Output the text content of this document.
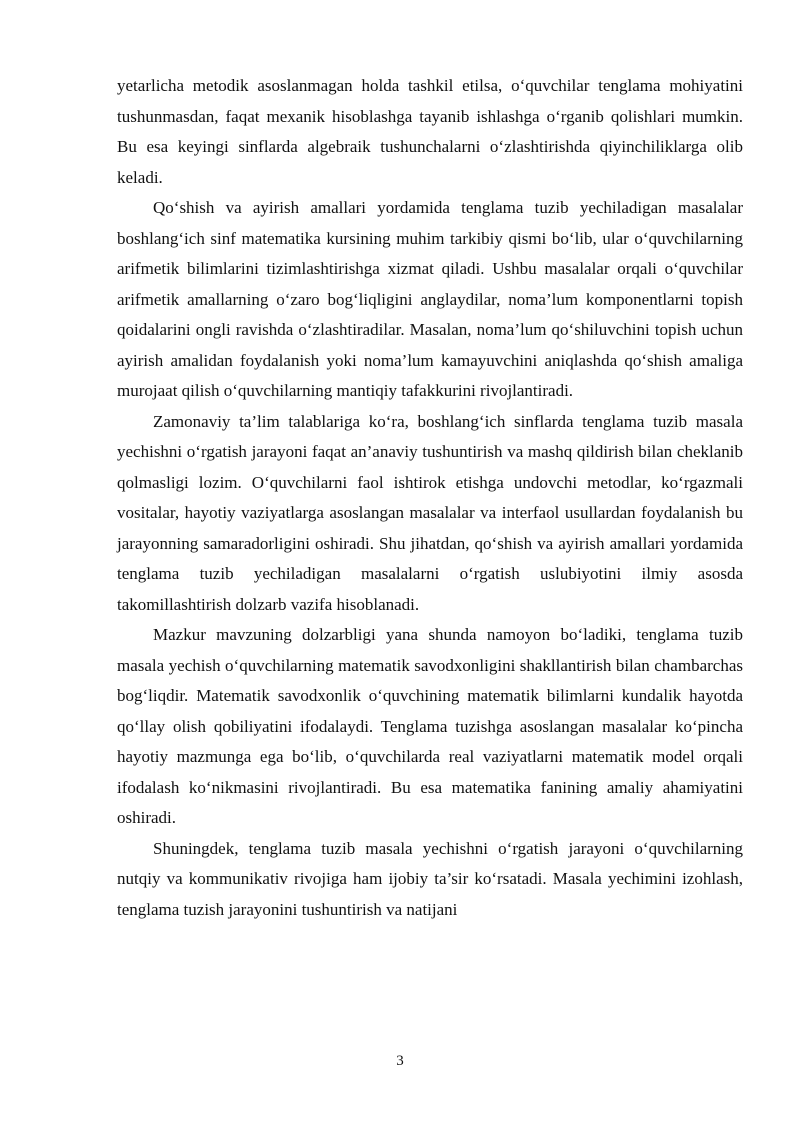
yetarlicha metodik asoslanmagan holda tashkil etilsa, o‘quvchilar tenglama mohiyatini tushunmasdan, faqat mexanik hisoblashga tayanib ishlashga o‘rganib qolishlari mumkin. Bu esa keyingi sinflarda algebraik tushunchalarni o‘zlashtirishda qiyinchiliklarga olib keladi.

Qo‘shish va ayirish amallari yordamida tenglama tuzib yechiladigan masalalar boshlang‘ich sinf matematika kursining muhim tarkibiy qismi bo‘lib, ular o‘quvchilarning arifmetik bilimlarini tizimlashtirishga xizmat qiladi. Ushbu masalalar orqali o‘quvchilar arifmetik amallarning o‘zaro bog‘liqligini anglaydilar, noma’lum komponentlarni topish qoidalarini ongli ravishda o‘zlashtiradilar. Masalan, noma’lum qo‘shiluvchini topish uchun ayirish amalidan foydalanish yoki noma’lum kamayuvchini aniqlashda qo‘shish amaliga murojaat qilish o‘quvchilarning mantiqiy tafakkurini rivojlantiradi.

Zamonaviy ta’lim talablariga ko‘ra, boshlang‘ich sinflarda tenglama tuzib masala yechishni o‘rgatish jarayoni faqat an’anaviy tushuntirish va mashq qildirish bilan cheklanib qolmasligi lozim. O‘quvchilarni faol ishtirok etishga undovchi metodlar, ko‘rgazmali vositalar, hayotiy vaziyatlarga asoslangan masalalar va interfaol usullardan foydalanish bu jarayonning samaradorligini oshiradi. Shu jihatdan, qo‘shish va ayirish amallari yordamida tenglama tuzib yechiladigan masalalarni o‘rgatish uslubiyotini ilmiy asosda takomillashtirish dolzarb vazifa hisoblanadi.

Mazkur mavzuning dolzarbligi yana shunda namoyon bo‘ladiki, tenglama tuzib masala yechish o‘quvchilarning matematik savodxonligini shakllantirish bilan chambarchas bog‘liqdir. Matematik savodxonlik o‘quvchining matematik bilimlarni kundalik hayotda qo‘llay olish qobiliyatini ifodalaydi. Tenglama tuzishga asoslangan masalalar ko‘pincha hayotiy mazmunga ega bo‘lib, o‘quvchilarda real vaziyatlarni matematik model orqali ifodalash ko‘nikmasini rivojlantiradi. Bu esa matematika fanining amaliy ahamiyatini oshiradi.

Shuningdek, tenglama tuzib masala yechishni o‘rgatish jarayoni o‘quvchilarning nutqiy va kommunikativ rivojiga ham ijobiy ta’sir ko‘rsatadi. Masala yechimini izohlash, tenglama tuzish jarayonini tushuntirish va natijani

3
